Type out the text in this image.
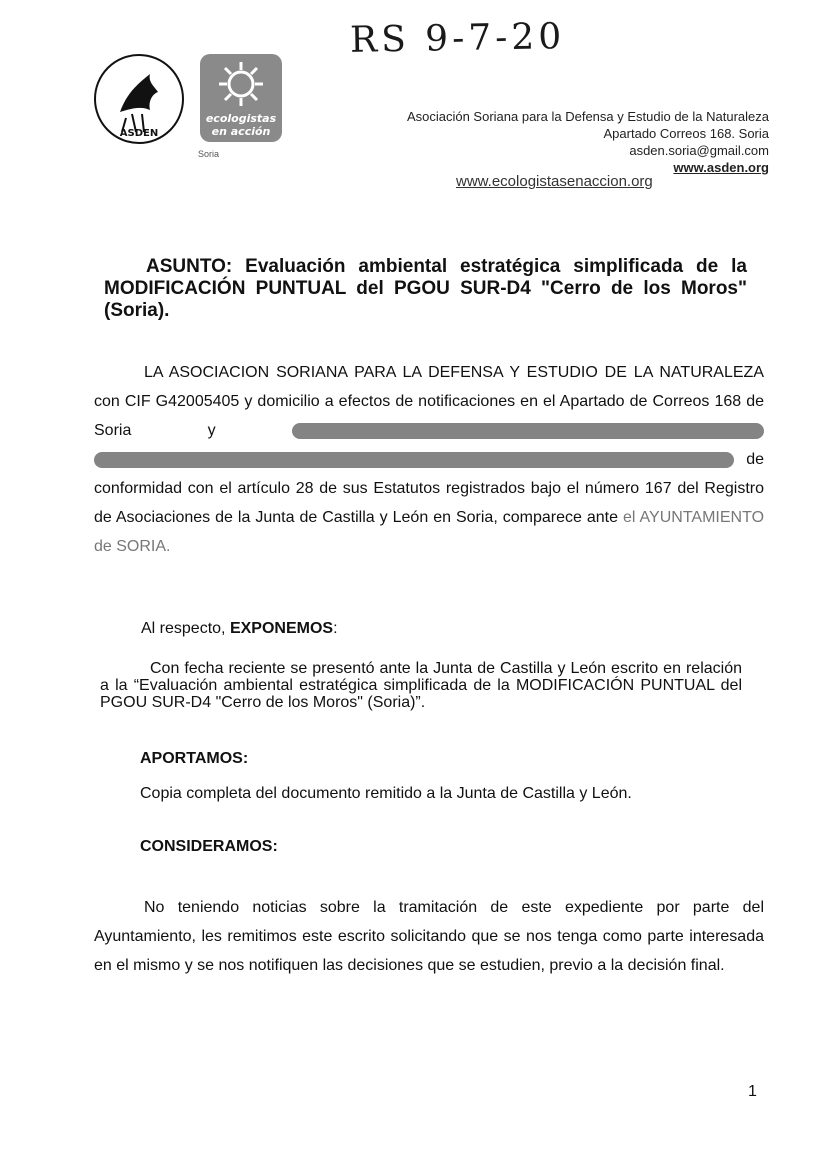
RS 9-7-20
ASDEN
ecologistas
en acción
Soria
Asociación Soriana para la Defensa y Estudio de la Naturaleza
Apartado Correos 168. Soria
asden.soria@gmail.com
www.asden.org
www.ecologistasenaccion.org
ASUNTO: Evaluación ambiental estratégica simplificada de la MODIFICACIÓN PUNTUAL del PGOU SUR-D4 "Cerro de los Moros" (Soria).
LA ASOCIACION SORIANA PARA LA DEFENSA Y ESTUDIO DE LA NATURALEZA con CIF G42005405 y domicilio a efectos de notificaciones en el Apartado de Correos 168 de Soria y   de conformidad con el artículo 28 de sus Estatutos registrados bajo el número 167 del Registro de Asociaciones de la Junta de Castilla y León en Soria, comparece ante el AYUNTAMIENTO de SORIA.
Al respecto, EXPONEMOS:
Con fecha reciente se presentó ante la Junta de Castilla y León escrito en relación a la “Evaluación ambiental estratégica simplificada de la MODIFICACIÓN PUNTUAL del PGOU SUR-D4 "Cerro de los Moros" (Soria)”.
APORTAMOS:
Copia completa del documento remitido a la Junta de Castilla y León.
CONSIDERAMOS:
No teniendo noticias sobre la tramitación de este expediente por parte del Ayuntamiento, les remitimos este escrito solicitando que se nos tenga como parte interesada en el mismo y se nos notifiquen las decisiones que se estudien, previo a la decisión final.
1
